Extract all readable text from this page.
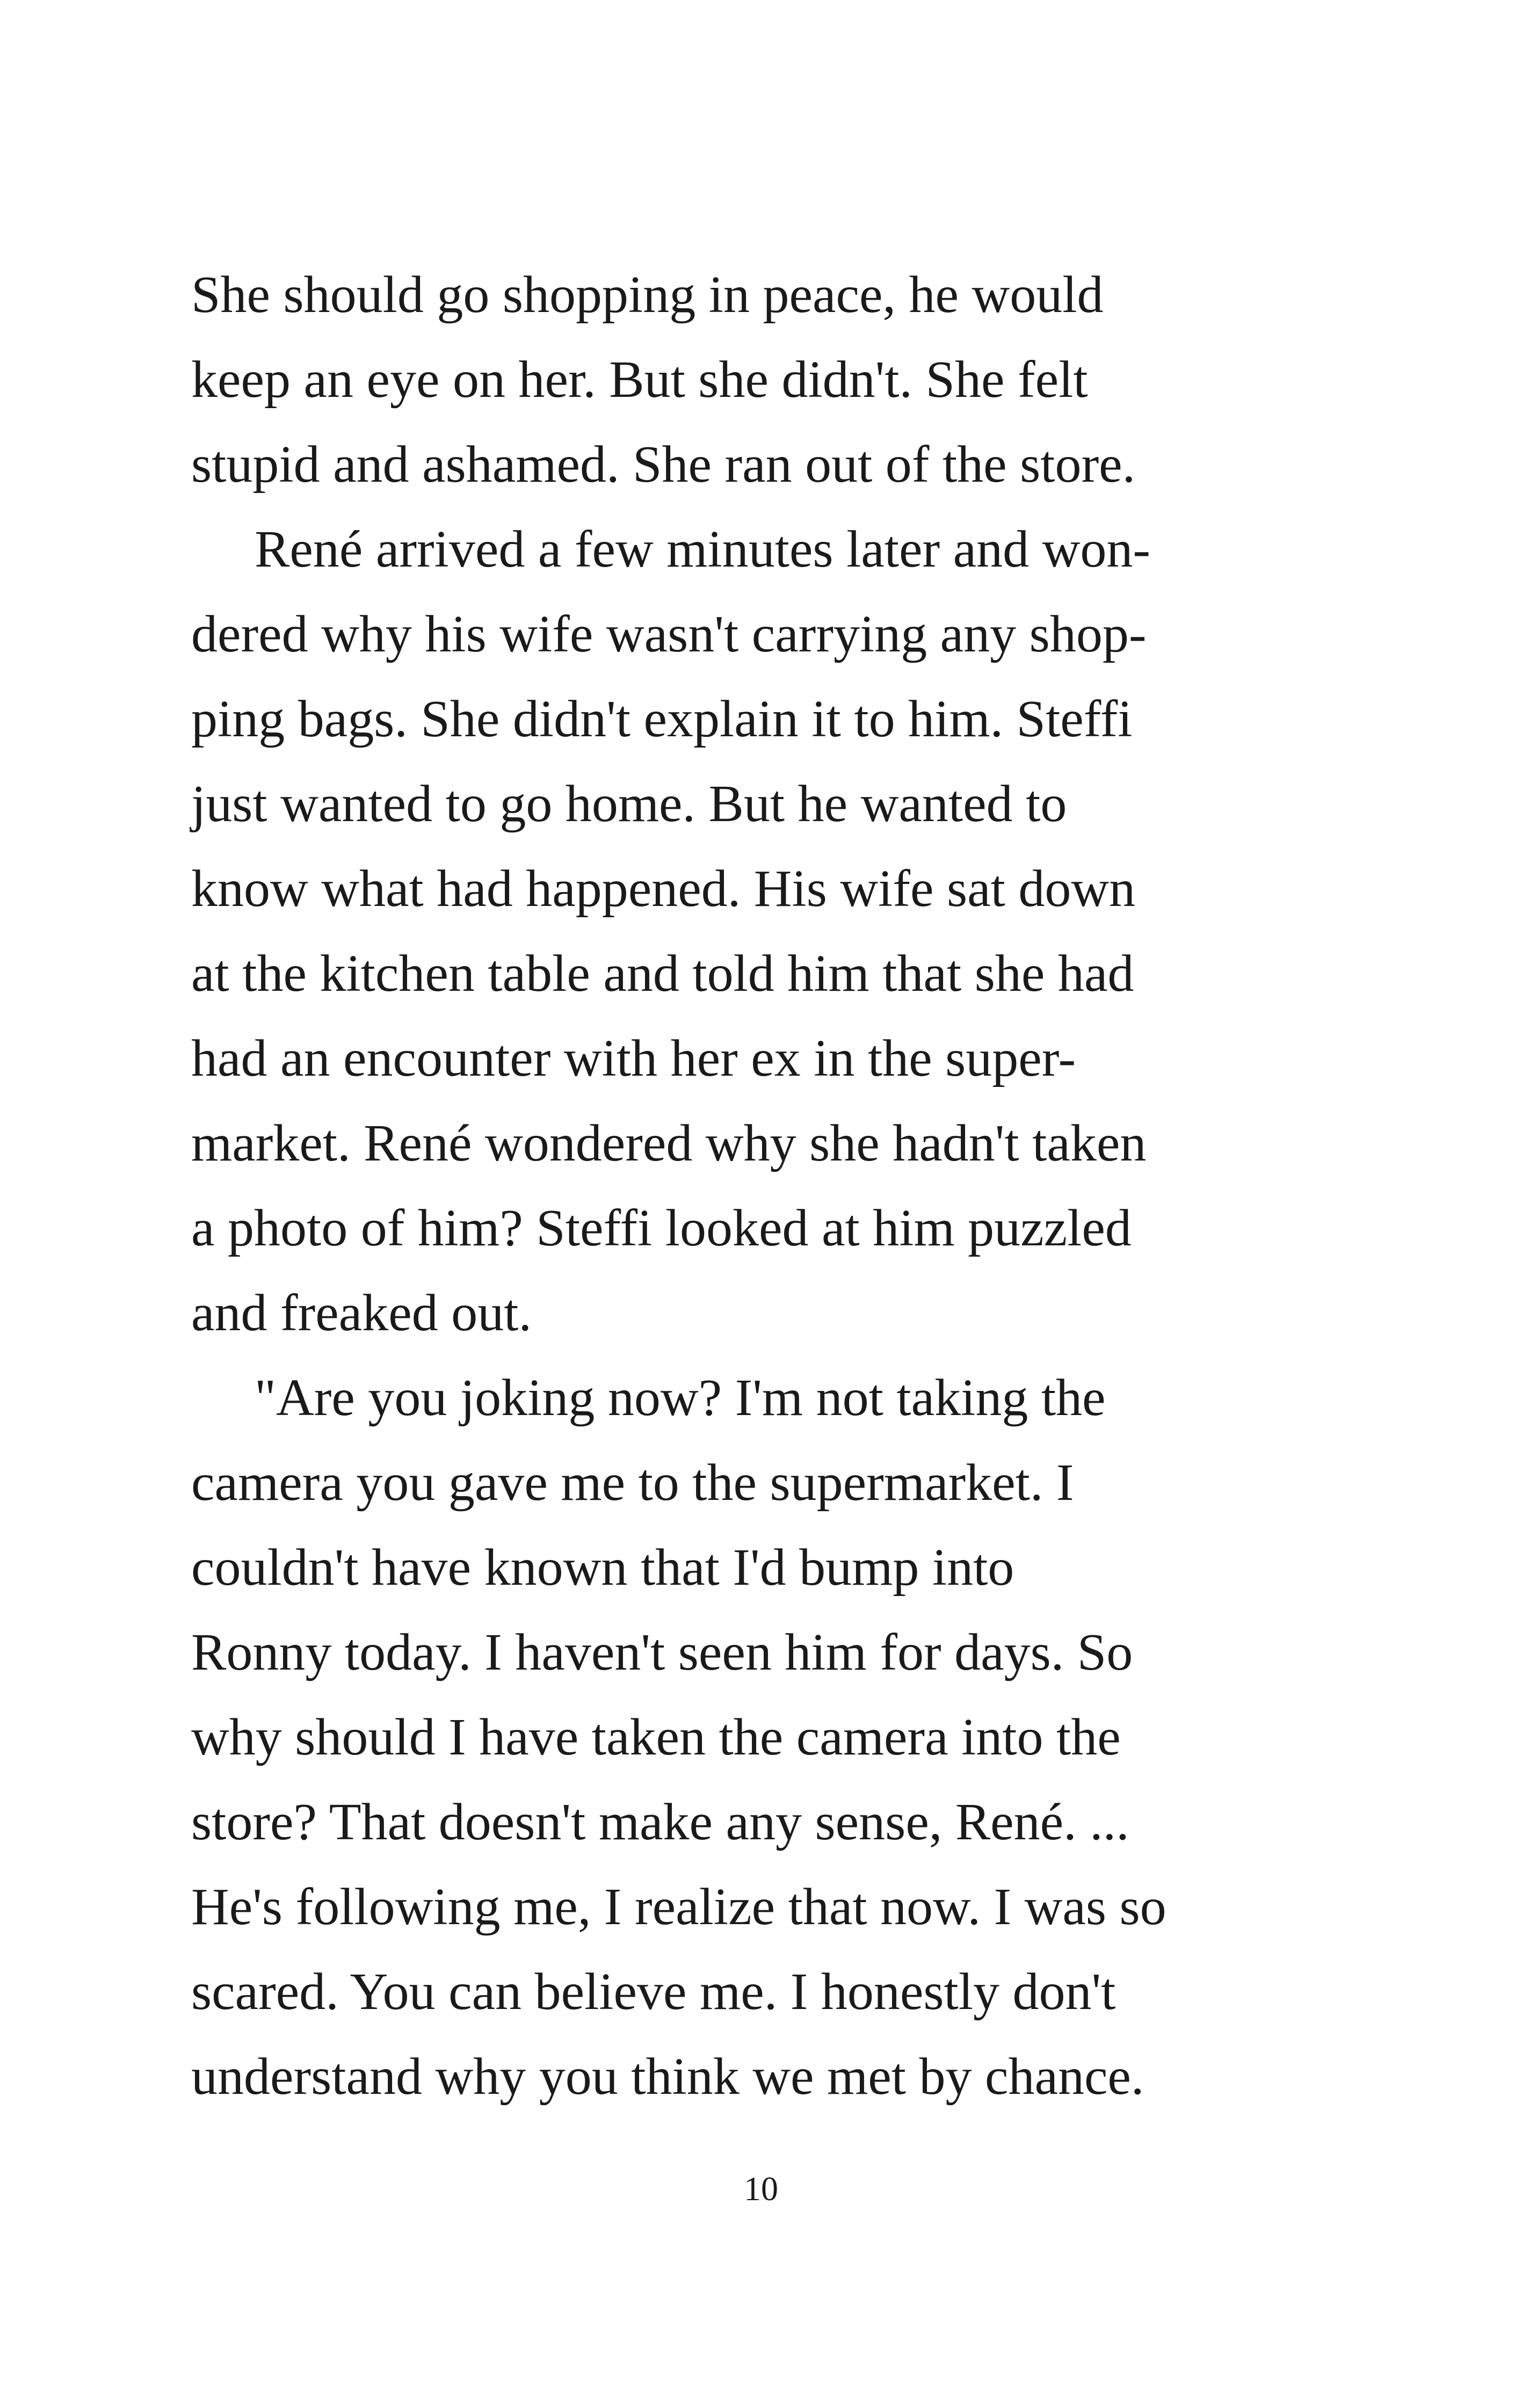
She should go shopping in peace, he would
keep an eye on her. But she didn't. She felt
stupid and ashamed. She ran out of the store.
René arrived a few minutes later and won-
dered why his wife wasn't carrying any shop-
ping bags. She didn't explain it to him. Steffi
just wanted to go home. But he wanted to
know what had happened. His wife sat down
at the kitchen table and told him that she had
had an encounter with her ex in the super-
market. René wondered why she hadn't taken
a photo of him? Steffi looked at him puzzled
and freaked out.
"Are you joking now? I'm not taking the
camera you gave me to the supermarket. I
couldn't have known that I'd bump into
Ronny today. I haven't seen him for days. So
why should I have taken the camera into the
store? That doesn't make any sense, René. ...
He's following me, I realize that now. I was so
scared. You can believe me. I honestly don't
understand why you think we met by chance.
10
